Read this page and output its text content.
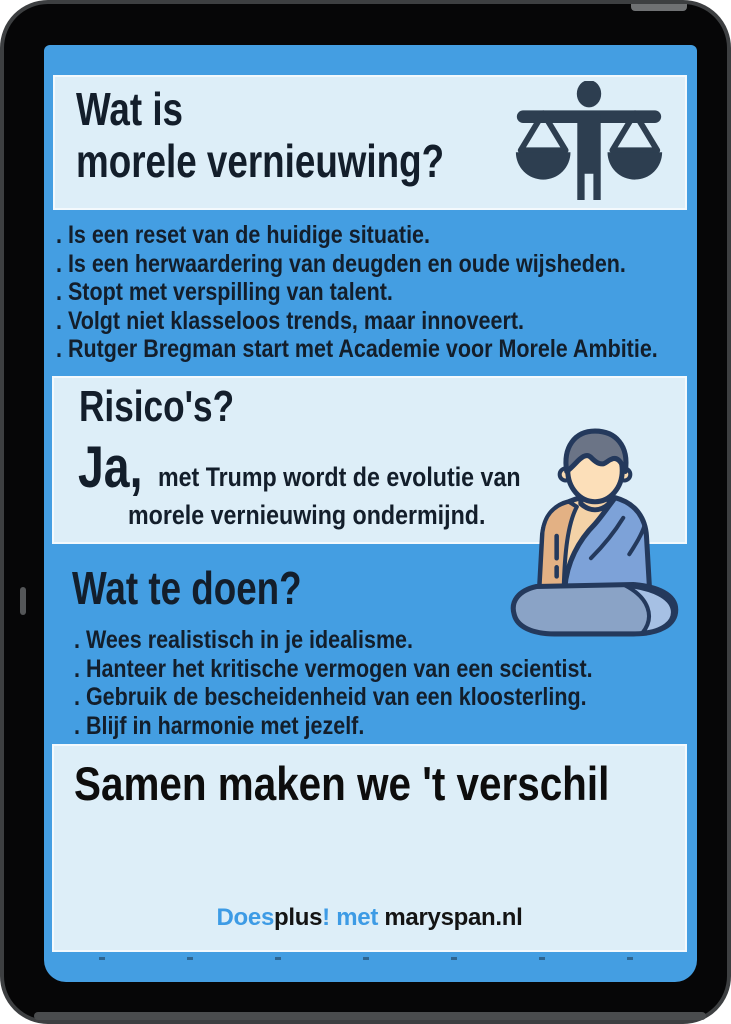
Wat is
morele vernieuwing?
. Is een reset van de huidige situatie.
. Is een herwaardering van deugden en oude wijsheden.
. Stopt met verspilling van talent.
. Volgt niet klasseloos trends, maar innoveert.
. Rutger Bregman start met Academie voor Morele Ambitie.
Risico's?
Ja, met Trump wordt de evolutie van
morele vernieuwing ondermijnd.
Wat te doen?
. Wees realistisch in je idealisme.
. Hanteer het kritische vermogen van een scientist.
. Gebruik de bescheidenheid van een kloosterling.
. Blijf in harmonie met jezelf.
Samen maken we 't verschil
Doesplus! met maryspan.nl
